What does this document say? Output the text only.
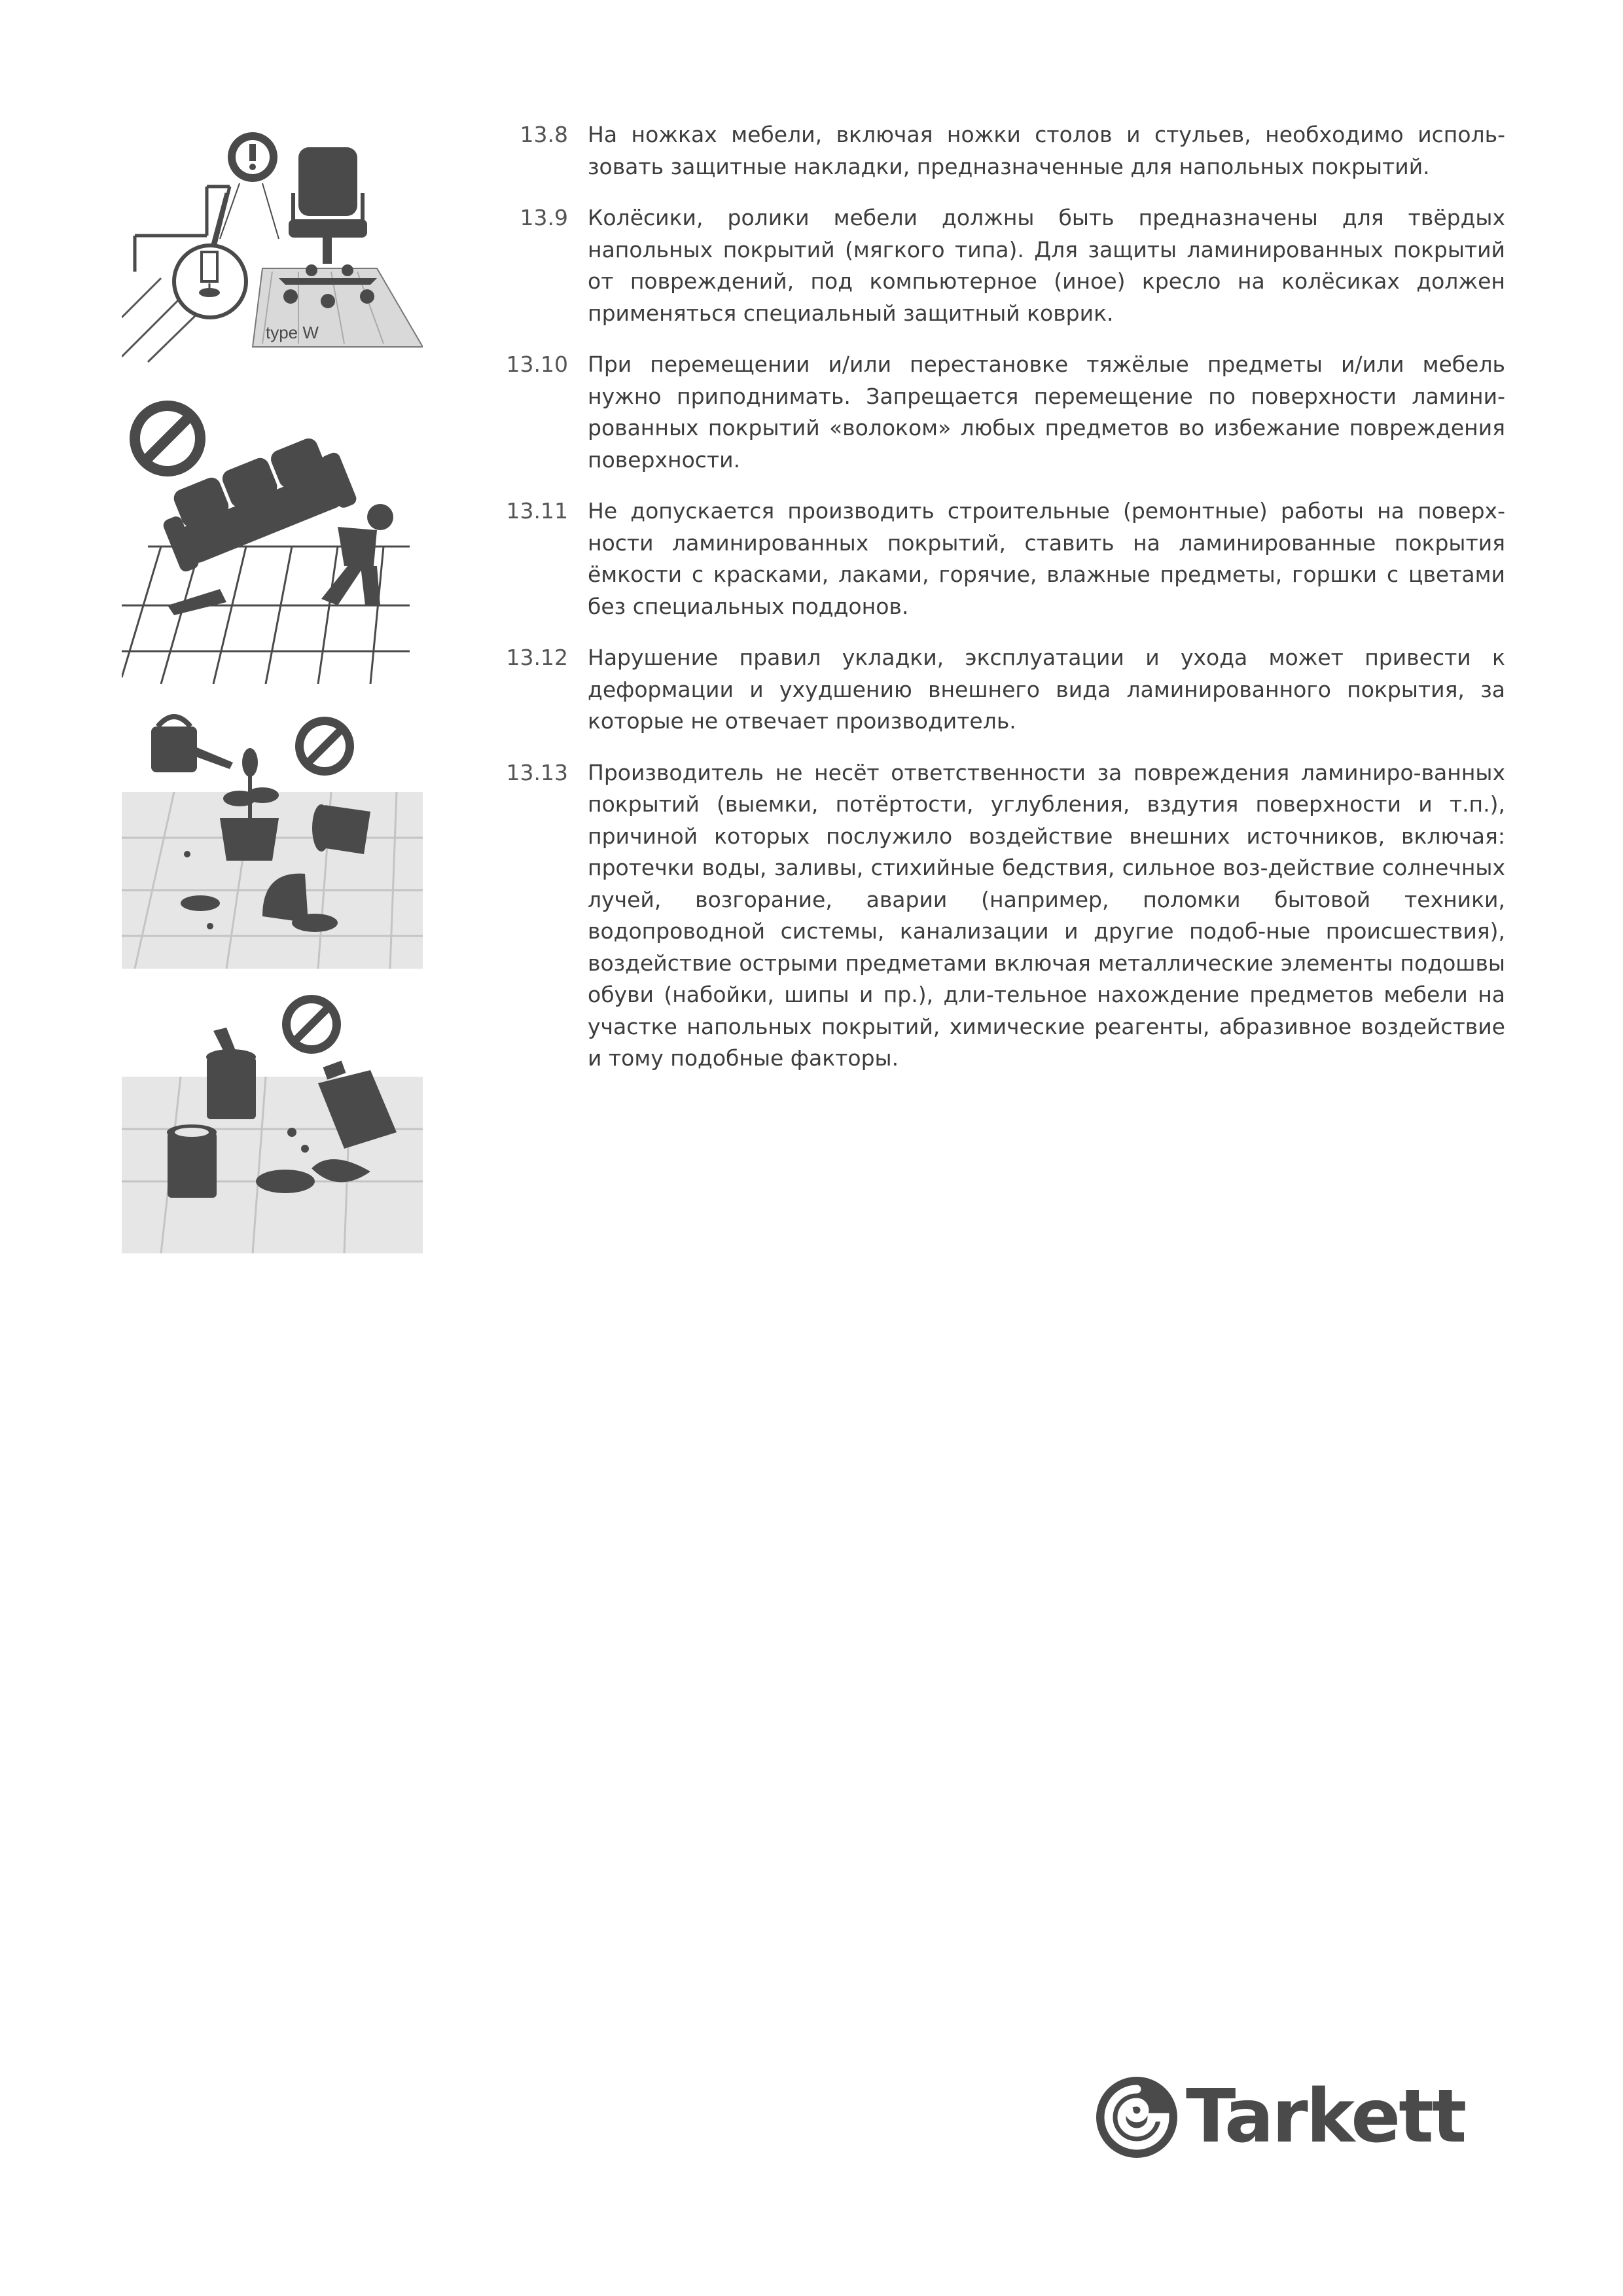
type W
13.8 На ножках мебели, включая ножки столов и стульев, необходимо исполь-зовать защитные накладки, предназначенные для напольных покрытий.
13.9 Колёсики, ролики мебели должны быть предназначены для твёрдых напольных покрытий (мягкого типа). Для защиты ламинированных покрытий от повреждений, под компьютерное (иное) кресло на колёсиках должен применяться специальный защитный коврик.
13.10 При перемещении и/или перестановке тяжёлые предметы и/или мебель нужно приподнимать. Запрещается перемещение по поверхности ламини-рованных покрытий «волоком» любых предметов во избежание повреждения поверхности.
13.11 Не допускается производить строительные (ремонтные) работы на поверх-ности ламинированных покрытий, ставить на ламинированные покрытия ёмкости с красками, лаками, горячие, влажные предметы, горшки с цветами без специальных поддонов.
13.12 Нарушение правил укладки, эксплуатации и ухода может привести к деформации и ухудшению внешнего вида ламинированного покрытия, за которые не отвечает производитель.
13.13 Производитель не несёт ответственности за повреждения ламиниро-ванных покрытий (выемки, потёртости, углубления, вздутия поверхности и т.п.), причиной которых послужило воздействие внешних источников, включая: протечки воды, заливы, стихийные бедствия, сильное воз-действие солнечных лучей, возгорание, аварии (например, поломки бытовой техники, водопроводной системы, канализации и другие подоб-ные происшествия), воздействие острыми предметами включая металлические элементы подошвы обуви (набойки, шипы и пр.), дли-тельное нахождение предметов мебели на участке напольных покрытий, химические реагенты, абразивное воздействие и тому подобные факторы.
Tarkett
